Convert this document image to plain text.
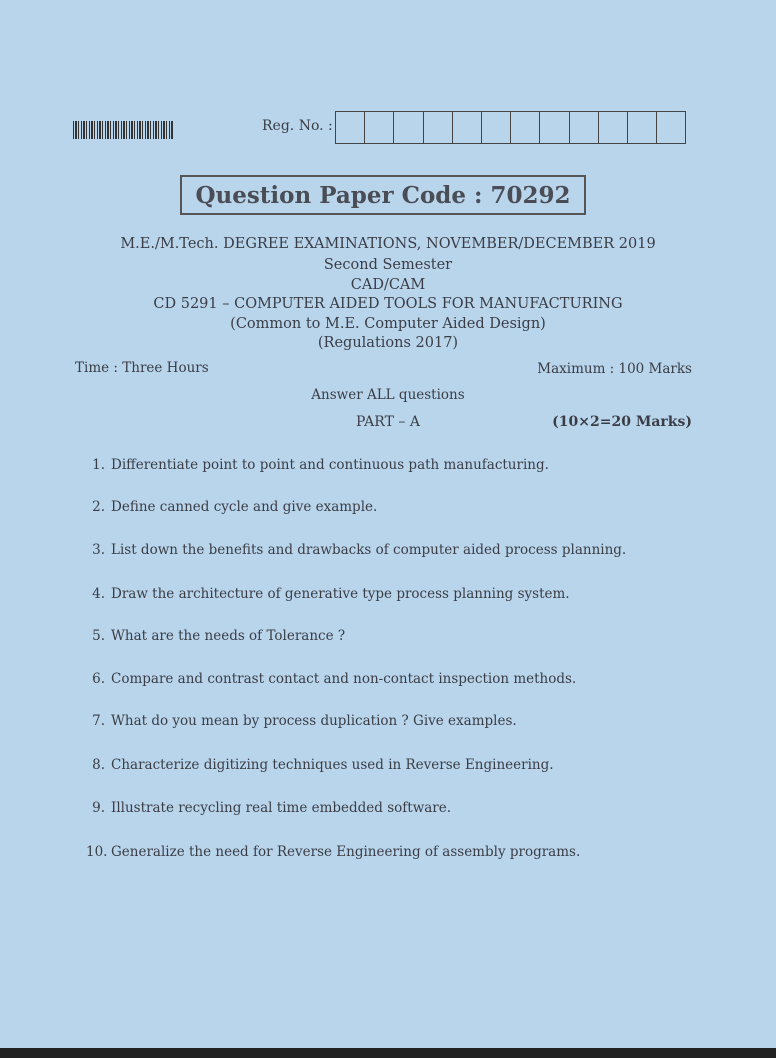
Reg. No. :
Question Paper Code : 70292
M.E./M.Tech. DEGREE EXAMINATIONS, NOVEMBER/DECEMBER 2019
Second Semester
CAD/CAM
CD 5291 – COMPUTER AIDED TOOLS FOR MANUFACTURING
(Common to M.E. Computer Aided Design)
(Regulations 2017)
Time : Three Hours	Maximum : 100 Marks
Answer ALL questions
PART – A	(10×2=20 Marks)
1. Differentiate point to point and continuous path manufacturing.
2. Define canned cycle and give example.
3. List down the benefits and drawbacks of computer aided process planning.
4. Draw the architecture of generative type process planning system.
5. What are the needs of Tolerance ?
6. Compare and contrast contact and non-contact inspection methods.
7. What do you mean by process duplication ? Give examples.
8. Characterize digitizing techniques used in Reverse Engineering.
9. Illustrate recycling real time embedded software.
10. Generalize the need for Reverse Engineering of assembly programs.
